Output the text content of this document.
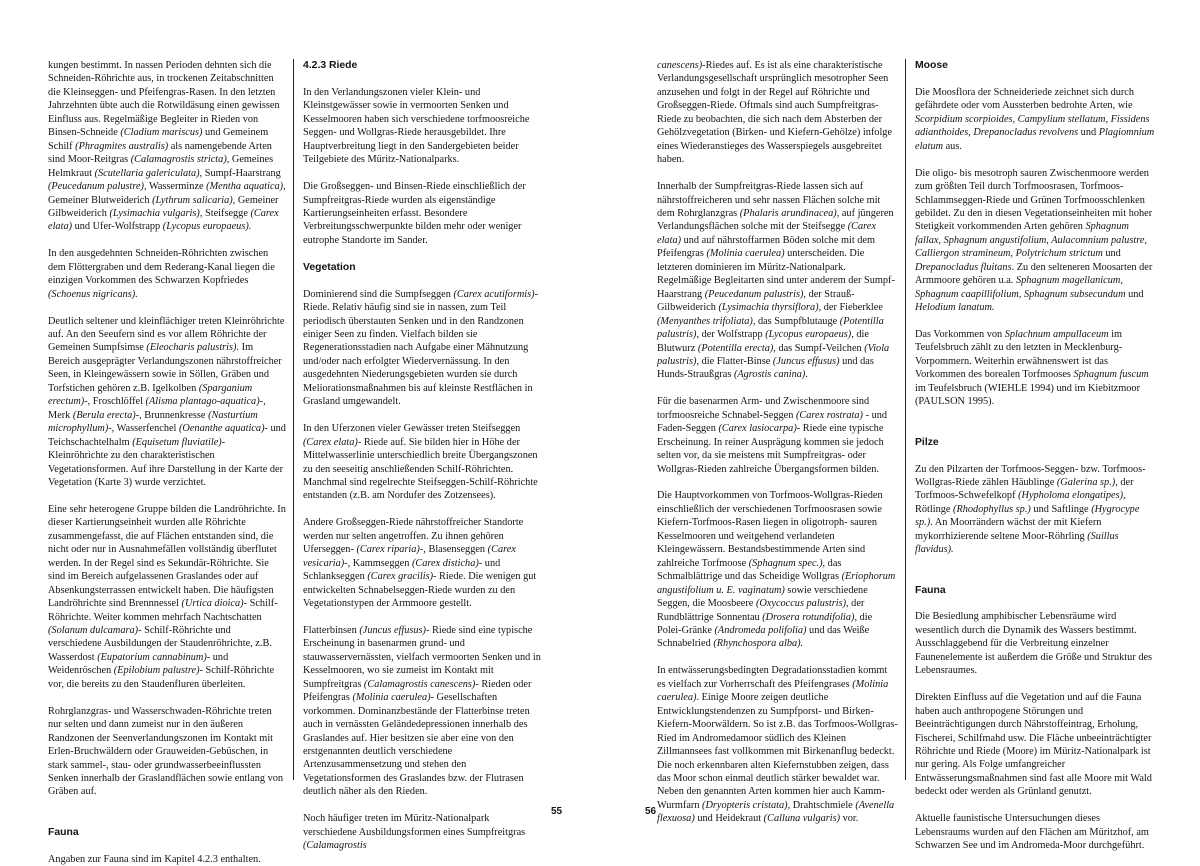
kungen bestimmt. In nassen Perioden dehnten sich die Schneiden-Röhrichte aus, in trockenen Zeitabschnitten die Kleinseggen- und Pfeifengras-Rasen. In den letzten Jahrzehnten übte auch die Rotwildäsung einen gewissen Einfluss aus. Regelmäßige Begleiter in Rieden von Binsen-Schneide (Cladium mariscus) und Gemeinem Schilf (Phragmites australis) als namengebende Arten sind Moor-Reitgras (Calamagrostis stricta), Gemeines Helmkraut (Scutellaria galericulata), Sumpf-Haarstrang (Peucedanum palustre), Wasserminze (Mentha aquatica), Gemeiner Blutweiderich (Lythrum salicaria), Gemeiner Gilbweiderich (Lysimachia vulgaris), Steifsegge (Carex elata) und Ufer-Wolfstrapp (Lycopus europaeus).

In den ausgedehnten Schneiden-Röhrichten zwischen dem Flöttergraben und dem Rederang-Kanal liegen die einzigen Vorkommen des Schwarzen Kopfriedes (Schoenus nigricans).

Deutlich seltener und kleinflächiger treten Kleinröhrichte auf. An den Seeufern sind es vor allem Röhrichte der Gemeinen Sumpfsimse (Eleocharis palustris). Im Bereich ausgeprägter Verlandungszonen nährstoffreicher Seen, in Kleingewässern sowie in Söllen, Gräben und Torfstichen gehören z.B. Igelkolben (Sparganium erectum)-, Froschlöffel (Alisma plantago-aquatica)-, Merk (Berula erecta)-, Brunnenkresse (Nasturtium microphyllum)-, Wasserfenchel (Oenanthe aquatica)- und Teichschachtelhalm (Equisetum fluviatile)- Kleinröhrichte zu den charakteristischen Vegetationsformen. Auf ihre Darstellung in der Karte der Vegetation (Karte 3) wurde verzichtet.

Eine sehr heterogene Gruppe bilden die Landröhrichte. In dieser Kartierungseinheit wurden alle Röhrichte zusammengefasst, die auf Flächen entstanden sind, die nicht oder nur in Ausnahmefällen vollständig überflutet werden. In der Regel sind es Sekundär-Röhrichte. Sie sind im Bereich aufgelassenen Graslandes oder auf Absenkungsterrassen entwickelt haben. Die häufigsten Landröhrichte sind Brennnessel (Urtica dioica)- Schilf-Röhrichte. Weiter kommen mehrfach Nachtschatten (Solanum dulcamara)- Schilf-Röhrichte und verschiedene Ausbildungen der Staudenröhrichte, z.B. Wasserdost (Eupatorium cannabinum)- und Weidenröschen (Epilobium palustre)- Schilf-Röhrichte vor, die bereits zu den Staudenfluren überleiten.

Rohrglanzgras- und Wasserschwaden-Röhrichte treten nur selten und dann zumeist nur in den äußeren Randzonen der Seenverlandungszonen im Kontakt mit Erlen-Bruchwäldern oder Grauweiden-Gebüschen, in stark sammel-, stau- oder grundwasserbeeinflussten Senken innerhalb der Graslandflächen sowie entlang von Gräben auf.

Fauna

Angaben zur Fauna sind im Kapitel 4.2.3 enthalten.

4.2.3 Riede

In den Verlandungszonen vieler Klein- und Kleinstgewässer sowie in vermoorten Senken und Kesselmooren haben sich verschiedene torfmoosreiche Seggen- und Wollgras-Riede herausgebildet. Ihre Hauptverbreitung liegt in den Sandergebieten beider Teilgebiete des Müritz-Nationalparks.

Die Großseggen- und Binsen-Riede einschließlich der Sumpfreitgras-Riede wurden als eigenständige Kartierungseinheiten erfasst. Besondere Verbreitungsschwerpunkte bilden mehr oder weniger eutrophe Standorte im Sander.

Vegetation

Dominierend sind die Sumpfseggen (Carex acutiformis)- Riede. Relativ häufig sind sie in nassen, zum Teil periodisch überstauten Senken und in den Randzonen einiger Seen zu finden. Vielfach bilden sie Regenerationsstadien nach Aufgabe einer Mähnutzung und/oder nach erfolgter Wiedervernässung. In den ausgedehnten Niederungsgebieten wurden sie durch Meliorationsmaßnahmen bis auf kleinste Restflächen in Grasland umgewandelt.

In den Uferzonen vieler Gewässer treten Steifseggen (Carex elata)- Riede auf. Sie bilden hier in Höhe der Mittelwasserlinie unterschiedlich breite Übergangszonen zu den seeseitig anschließenden Schilf-Röhrichten. Manchmal sind regelrechte Steifseggen-Schilf-Röhrichte entstanden (z.B. am Nordufer des Zotzensees).

Andere Großseggen-Riede nährstoffreicher Standorte werden nur selten angetroffen. Zu ihnen gehören Uferseggen- (Carex riparia)-, Blasenseggen (Carex vesicaria)-, Kammseggen (Carex disticha)- und Schlankseggen (Carex gracilis)- Riede. Die wenigen gut entwickelten Schnabelseggen-Riede wurden zu den Vegetationstypen der Armmoore gestellt.

Flatterbinsen (Juncus effusus)- Riede sind eine typische Erscheinung in basenarmen grund- und stauwasservernässten, vielfach vermoorten Senken und in Kesselmooren, wo sie zumeist im Kontakt mit Sumpfreitgras (Calamagrostis canescens)- Rieden oder Pfeifengras (Molinia caerulea)- Gesellschaften vorkommen. Dominanzbestände der Flatterbinse treten auch in vernässten Geländedepressionen innerhalb des Graslandes auf. Hier besitzen sie aber eine von den erstgenannten deutlich verschiedene Artenzusammensetzung und stehen den Vegetationsformen des Graslandes bzw. der Flutrasen deutlich näher als den Rieden.

Noch häufiger treten im Müritz-Nationalpark verschiedene Ausbildungsformen eines Sumpfreitgras (Calamagrostis

canescens)-Riedes auf. Es ist als eine charakteristische Verlandungsgesellschaft ursprünglich mesotropher Seen anzusehen und folgt in der Regel auf Röhrichte und Großseggen-Riede. Oftmals sind auch Sumpfreitgras-Riede zu beobachten, die sich nach dem Absterben der Gehölzvegetation (Birken- und Kiefern-Gehölze) infolge eines Wiederanstieges des Wasserspiegels ausgebreitet haben.

Innerhalb der Sumpfreitgras-Riede lassen sich auf nährstoffreicheren und sehr nassen Flächen solche mit dem Rohrglanzgras (Phalaris arundinacea), auf jüngeren Verlandungsflächen solche mit der Steifsegge (Carex elata) und auf nährstoffarmen Böden solche mit dem Pfeifengras (Molinia caerulea) unterscheiden. Die letzteren dominieren im Müritz-Nationalpark. Regelmäßige Begleitarten sind unter anderem der Sumpf-Haarstrang (Peucedanum palustris), der Strauß-Gilbweiderich (Lysimachia thyrsiflora), der Fieberklee (Menyanthes trifoliata), das Sumpfblutauge (Potentilla palustris), der Wolfstrapp (Lycopus europaeus), die Blutwurz (Potentilla erecta), das Sumpf-Veilchen (Viola palustris), die Flatter-Binse (Juncus effusus) und das Hunds-Straußgras (Agrostis canina).

Für die basenarmen Arm- und Zwischenmoore sind torfmoosreiche Schnabel-Seggen (Carex rostrata) - und Faden-Seggen (Carex lasiocarpa)- Riede eine typische Erscheinung. In reiner Ausprägung kommen sie jedoch selten vor, da sie meistens mit Sumpfreitgras- oder Wollgras-Rieden zahlreiche Übergangsformen bilden.

Die Hauptvorkommen von Torfmoos-Wollgras-Rieden einschließlich der verschiedenen Torfmoosrasen sowie Kiefern-Torfmoos-Rasen liegen in oligotroph- sauren Kesselmooren und weitgehend verlandeten Kleingewässern. Bestandsbestimmende Arten sind zahlreiche Torfmoose (Sphagnum spec.), das Schmalblättrige und das Scheidige Wollgras (Eriophorum angustifolium u. E. vaginatum) sowie verschiedene Seggen, die Moosbeere (Oxycoccus palustris), der Rundblättrige Sonnentau (Drosera rotundifolia), die Polei-Gränke (Andromeda polifolia) und das Weiße Schnabelried (Rhynchospora alba).

In entwässerungsbedingten Degradationsstadien kommt es vielfach zur Vorherrschaft des Pfeifengrases (Molinia caerulea). Einige Moore zeigen deutliche Entwicklungstendenzen zu Sumpfporst- und Birken-Kiefern-Moorwäldern. So ist z.B. das Torfmoos-Wollgras-Ried im Andromedamoor südlich des Kleinen Zillmannsees fast vollkommen mit Birkenanflug bedeckt. Die noch erkennbaren alten Kiefernstubben zeigen, dass das Moor schon einmal deutlich stärker bewaldet war. Neben den genannten Arten kommen hier auch Kamm-Wurmfarn (Dryopteris cristata), Drahtschmiele (Avenella flexuosa) und Heidekraut (Calluna vulgaris) vor.

Moose

Die Moosflora der Schneideriede zeichnet sich durch gefährdete oder vom Aussterben bedrohte Arten, wie Scorpidium scorpioides, Campylium stellatum, Fissidens adianthoides, Drepanocladus revolvens und Plagiomnium elatum aus.

Die oligo- bis mesotroph sauren Zwischenmoore werden zum größten Teil durch Torfmoosrasen, Torfmoos-Schlammseggen-Riede und Grünen Torfmoosschlenken gebildet. Zu den in diesen Vegetationseinheiten mit hoher Stetigkeit vorkommenden Arten gehören Sphagnum fallax, Sphagnum angustifolium, Aulacomnium palustre, Calliergon stramineum, Polytrichum strictum und Drepanocladus fluitans. Zu den selteneren Moosarten der Armmoore gehören u.a. Sphagnum magellanicum, Sphagnum caapillifolium, Sphagnum subsecundum und Helodium lanatum.

Das Vorkommen von Splachnum ampullaceum im Teufelsbruch zählt zu den letzten in Mecklenburg-Vorpommern. Weiterhin erwähnenswert ist das Vorkommen des borealen Torfmooses Sphagnum fuscum im Teufelsbruch (WIEHLE 1994) und im Kiebitzmoor (PAULSON 1995).

Pilze

Zu den Pilzarten der Torfmoos-Seggen- bzw. Torfmoos-Wollgras-Riede zählen Häublinge (Galerina sp.), der Torfmoos-Schwefelkopf (Hypholoma elongatipes), Rötlinge (Rhodophyllus sp.) und Saftlinge (Hygrocype sp.). An Moorrändern wächst der mit Kiefern mykorrhizierende seltene Moor-Röhrling (Suillus flavidus).

Fauna

Die Besiedlung amphibischer Lebensräume wird wesentlich durch die Dynamik des Wassers bestimmt. Ausschlaggebend für die Verbreitung einzelner Faunenelemente ist außerdem die Größe und Struktur des Lebensraumes.

Direkten Einfluss auf die Vegetation und auf die Fauna haben auch anthropogene Störungen und Beeinträchtigungen durch Nährstoffeintrag, Erholung, Fischerei, Schilfmahd usw. Die Fläche unbeeinträchtigter Röhrichte und Riede (Moore) im Müritz-Nationalpark ist nur gering. Als Folge umfangreicher Entwässerungsmaßnahmen sind fast alle Moore mit Wald bedeckt oder werden als Grünland genutzt.

Aktuelle faunistische Untersuchungen dieses Lebensraums wurden auf den Flächen am Müritzhof, am Schwarzen See und im Andromeda-Moor durchgeführt.

55	56
